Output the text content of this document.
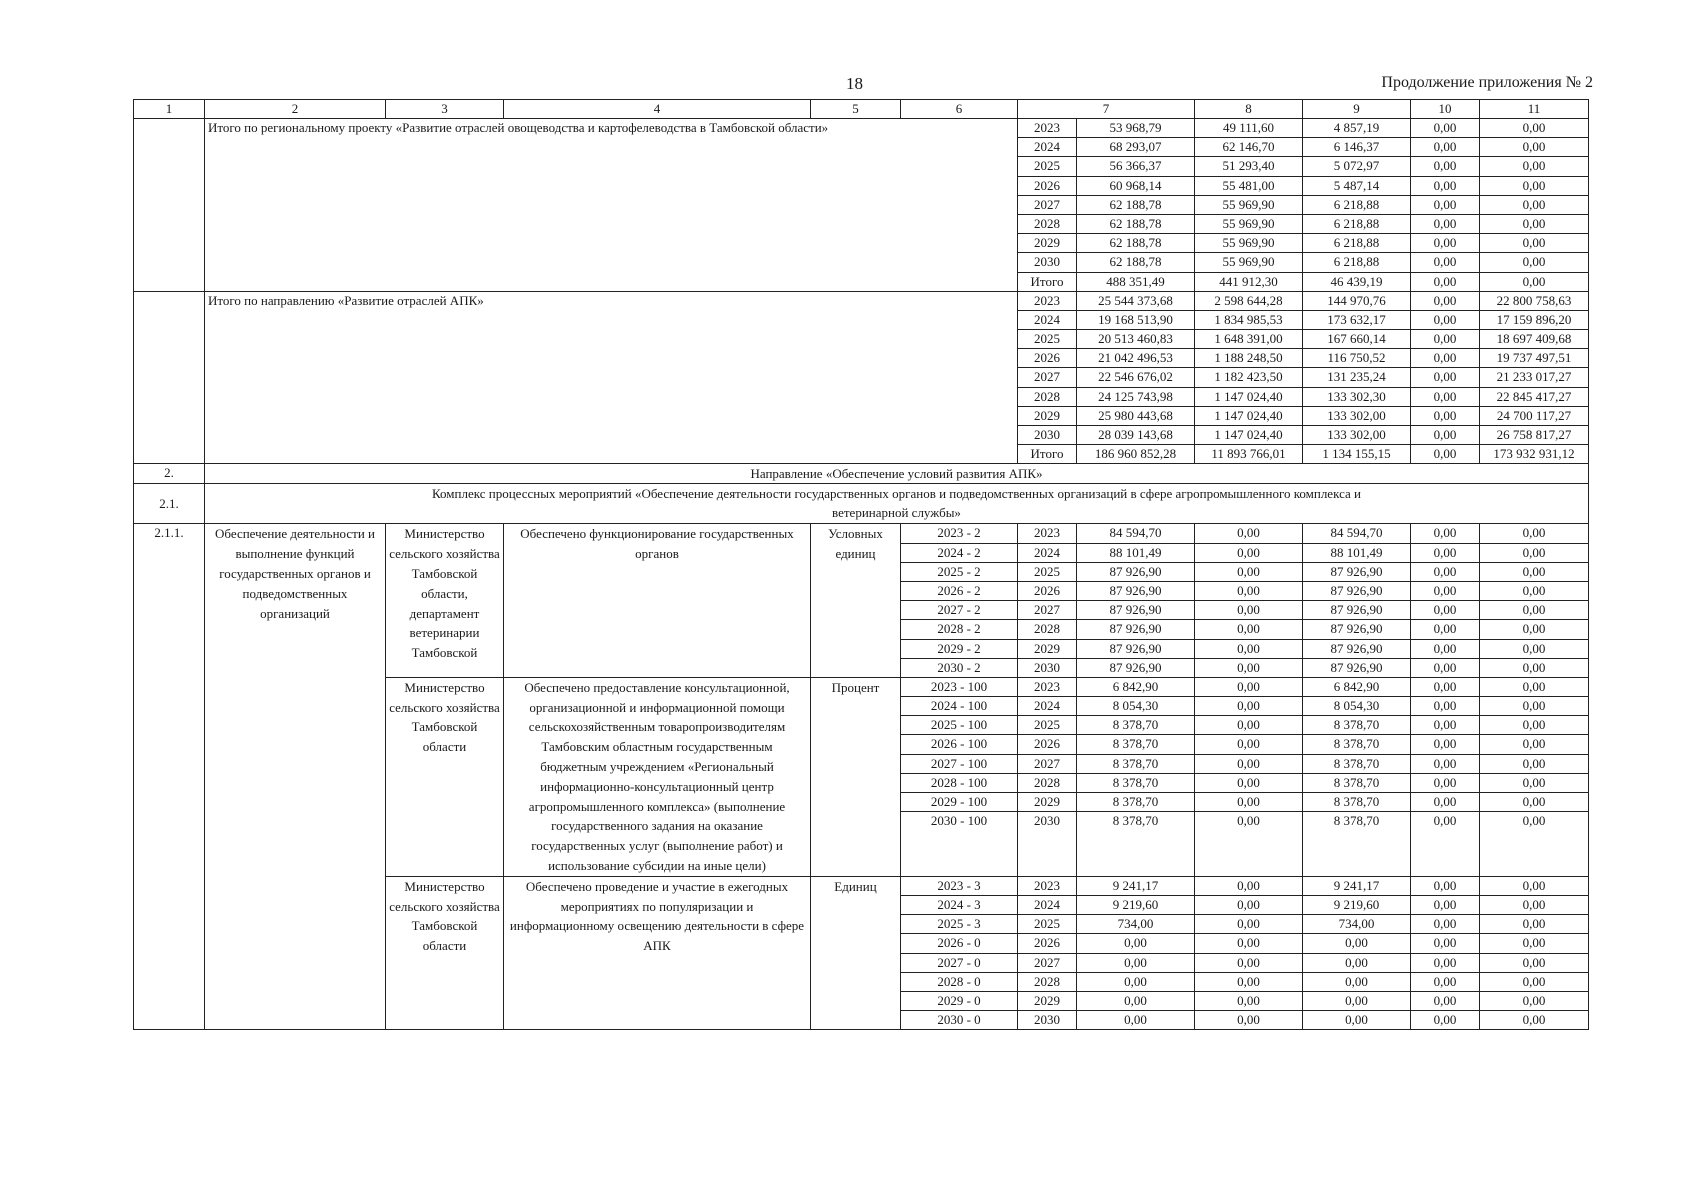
18	Продолжение приложения № 2
1	2	3	4	5	6	7		8	9	10	11
	Итого по региональному проекту «Развитие отраслей овощеводства и картофелеводства в Тамбовской области»					2023	53 968,79	49 111,60	4 857,19	0,00	0,00
						2024	68 293,07	62 146,70	6 146,37	0,00	0,00
						2025	56 366,37	51 293,40	5 072,97	0,00	0,00
						2026	60 968,14	55 481,00	5 487,14	0,00	0,00
						2027	62 188,78	55 969,90	6 218,88	0,00	0,00
						2028	62 188,78	55 969,90	6 218,88	0,00	0,00
						2029	62 188,78	55 969,90	6 218,88	0,00	0,00
						2030	62 188,78	55 969,90	6 218,88	0,00	0,00
						Итого	488 351,49	441 912,30	46 439,19	0,00	0,00
	Итого по направлению «Развитие отраслей АПК»					2023	25 544 373,68	2 598 644,28	144 970,76	0,00	22 800 758,63
						2024	19 168 513,90	1 834 985,53	173 632,17	0,00	17 159 896,20
						2025	20 513 460,83	1 648 391,00	167 660,14	0,00	18 697 409,68
						2026	21 042 496,53	1 188 248,50	116 750,52	0,00	19 737 497,51
						2027	22 546 676,02	1 182 423,50	131 235,24	0,00	21 233 017,27
						2028	24 125 743,98	1 147 024,40	133 302,30	0,00	22 845 417,27
						2029	25 980 443,68	1 147 024,40	133 302,00	0,00	24 700 117,27
						2030	28 039 143,68	1 147 024,40	133 302,00	0,00	26 758 817,27
						Итого	186 960 852,28	11 893 766,01	1 134 155,15	0,00	173 932 931,12
2.	Направление «Обеспечение условий развития АПК»										
2.1.	Комплекс процессных мероприятий «Обеспечение деятельности государственных органов и подведомственных организаций в сфере агропромышленного комплекса и ветеринарной службы»										
2.1.1.	Обеспечение деятельности и выполнение функций государственных органов и подведомственных организаций	Министерство сельского хозяйства Тамбовской области, департамент ветеринарии Тамбовской	Обеспечено функционирование государственных органов	Условных единиц	2023 - 2	2023	84 594,70	0,00	84 594,70	0,00	0,00
					2024 - 2	2024	88 101,49	0,00	88 101,49	0,00	0,00
					2025 - 2	2025	87 926,90	0,00	87 926,90	0,00	0,00
					2026 - 2	2026	87 926,90	0,00	87 926,90	0,00	0,00
					2027 - 2	2027	87 926,90	0,00	87 926,90	0,00	0,00
					2028 - 2	2028	87 926,90	0,00	87 926,90	0,00	0,00
					2029 - 2	2029	87 926,90	0,00	87 926,90	0,00	0,00
					2030 - 2	2030	87 926,90	0,00	87 926,90	0,00	0,00
		Министерство сельского хозяйства Тамбовской области	Обеспечено предоставление консультационной, организационной и информационной помощи сельскохозяйственным товаропроизводителям Тамбовским областным государственным бюджетным учреждением «Региональный информационно-консультационный центр агропромышленного комплекса» (выполнение государственного задания на оказание государственных услуг (выполнение работ) и использование субсидии на иные цели)	Процент	2023 - 100	2023	6 842,90	0,00	6 842,90	0,00	0,00
					2024 - 100	2024	8 054,30	0,00	8 054,30	0,00	0,00
					2025 - 100	2025	8 378,70	0,00	8 378,70	0,00	0,00
					2026 - 100	2026	8 378,70	0,00	8 378,70	0,00	0,00
					2027 - 100	2027	8 378,70	0,00	8 378,70	0,00	0,00
					2028 - 100	2028	8 378,70	0,00	8 378,70	0,00	0,00
					2029 - 100	2029	8 378,70	0,00	8 378,70	0,00	0,00
					2030 - 100	2030	8 378,70	0,00	8 378,70	0,00	0,00

		Министерство сельского хозяйства Тамбовской области	Обеспечено проведение и участие в ежегодных мероприятиях по популяризации и информационному освещению деятельности в сфере АПК	Единиц	2023 - 3	2023	9 241,17	0,00	9 241,17	0,00	0,00
					2024 - 3	2024	9 219,60	0,00	9 219,60	0,00	0,00
					2025 - 3	2025	734,00	0,00	734,00	0,00	0,00
					2026 - 0	2026	0,00	0,00	0,00	0,00	0,00
					2027 - 0	2027	0,00	0,00	0,00	0,00	0,00
					2028 - 0	2028	0,00	0,00	0,00	0,00	0,00
					2029 - 0	2029	0,00	0,00	0,00	0,00	0,00
					2030 - 0	2030	0,00	0,00	0,00	0,00	0,00
